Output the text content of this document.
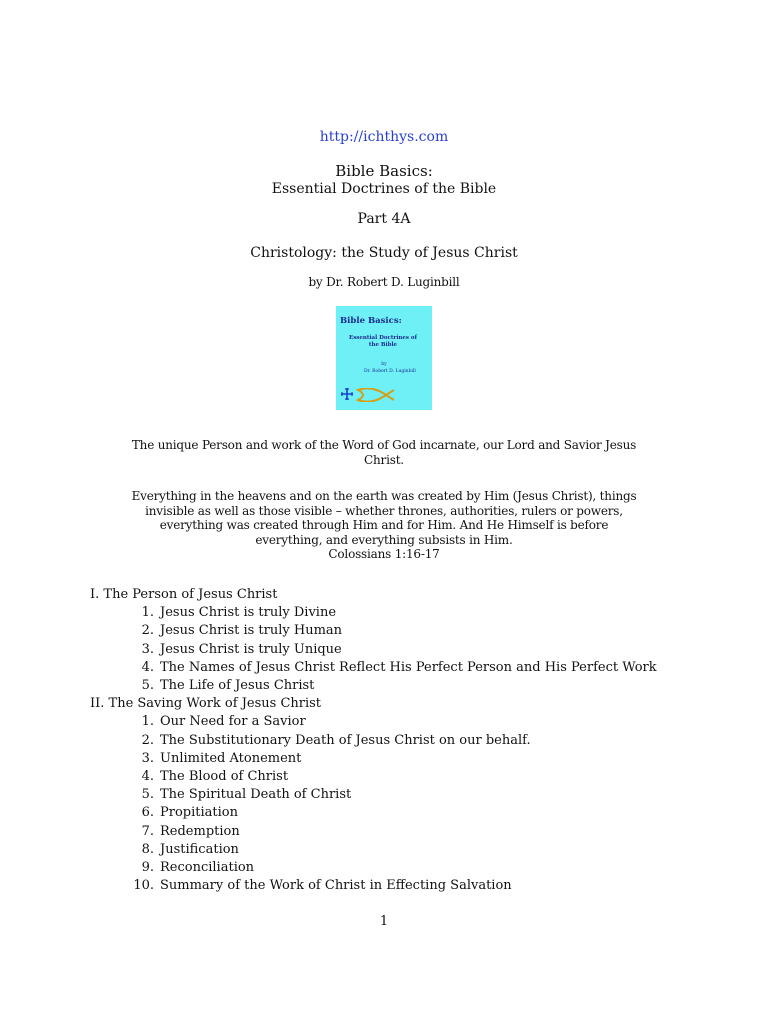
http://ichthys.com
Bible Basics:
Essential Doctrines of the Bible
Part 4A
Christology: the Study of Jesus Christ
by Dr. Robert D. Luginbill
Bible Basics:
Essential Doctrines of the Bible
by
Dr. Robert D. Luginbill
The unique Person and work of the Word of God incarnate, our Lord and Savior Jesus Christ.
Everything in the heavens and on the earth was created by Him (Jesus Christ), things invisible as well as those visible – whether thrones, authorities, rulers or powers, everything was created through Him and for Him. And He Himself is before everything, and everything subsists in Him.
Colossians 1:16-17
I. The Person of Jesus Christ
1. Jesus Christ is truly Divine
2. Jesus Christ is truly Human
3. Jesus Christ is truly Unique
4. The Names of Jesus Christ Reflect His Perfect Person and His Perfect Work
5. The Life of Jesus Christ
II. The Saving Work of Jesus Christ
1. Our Need for a Savior
2. The Substitutionary Death of Jesus Christ on our behalf.
3. Unlimited Atonement
4. The Blood of Christ
5. The Spiritual Death of Christ
6. Propitiation
7. Redemption
8. Justification
9. Reconciliation
10. Summary of the Work of Christ in Effecting Salvation
1
